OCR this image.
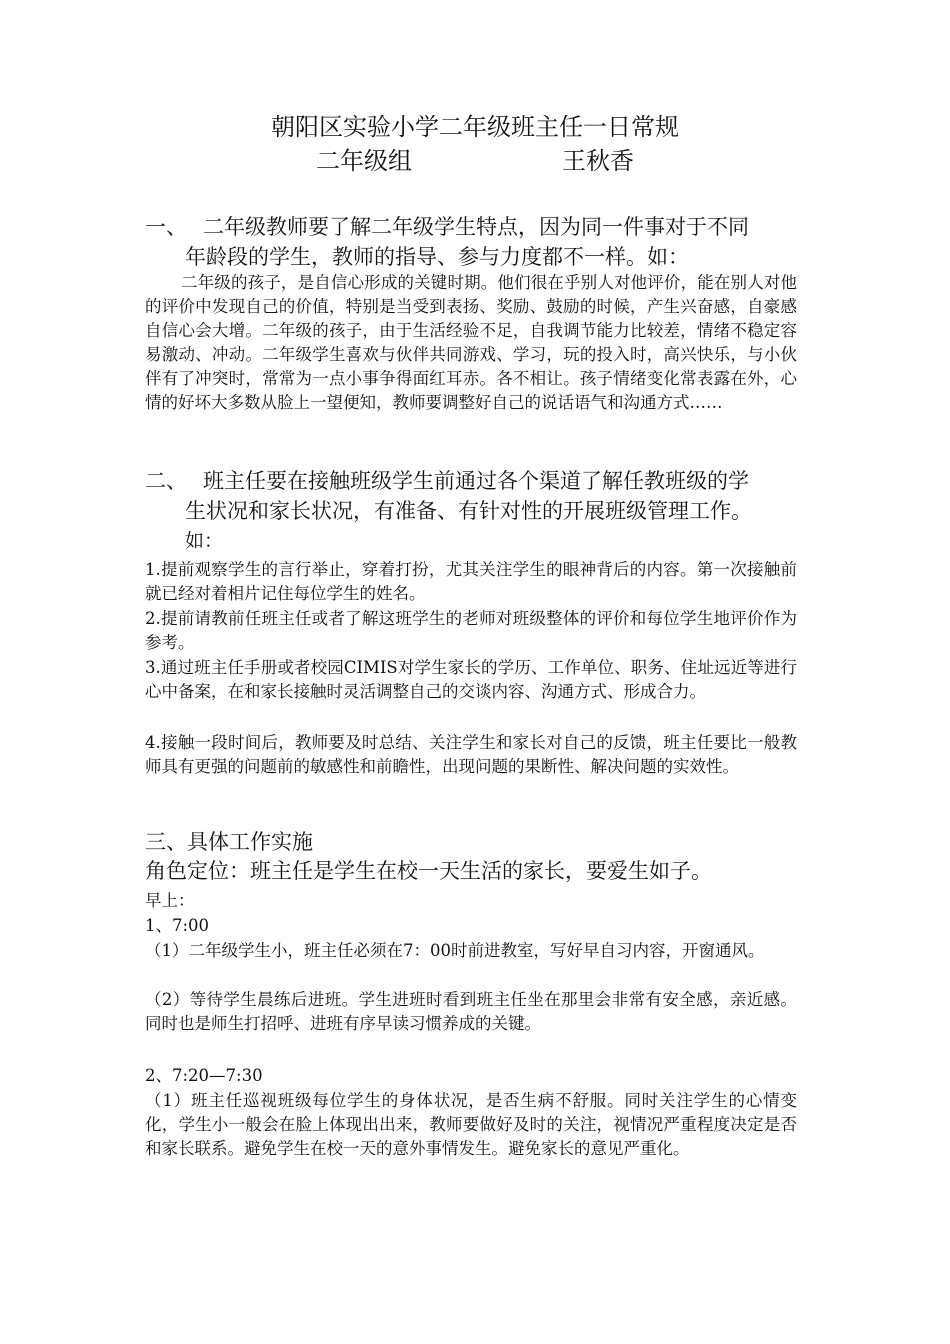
朝阳区实验小学二年级班主任一日常规
二年级组	王秋香
一、 二年级教师要了解二年级学生特点，因为同一件事对于不同
年龄段的学生，教师的指导、参与力度都不一样。如：
二年级的孩子，是自信心形成的关键时期。他们很在乎别人对他评价，能在别人对他的评价中发现自己的价值，特别是当受到表扬、奖励、鼓励的时候，产生兴奋感，自豪感自信心会大增。二年级的孩子，由于生活经验不足，自我调节能力比较差，情绪不稳定容易激动、冲动。二年级学生喜欢与伙伴共同游戏、学习，玩的投入时，高兴快乐，与小伙伴有了冲突时，常常为一点小事争得面红耳赤。各不相让。孩子情绪变化常表露在外，心情的好坏大多数从脸上一望便知，教师要调整好自己的说话语气和沟通方式……
二、 班主任要在接触班级学生前通过各个渠道了解任教班级的学
生状况和家长状况，有准备、有针对性的开展班级管理工作。
如：
1.提前观察学生的言行举止，穿着打扮，尤其关注学生的眼神背后的内容。第一次接触前就已经对着相片记住每位学生的姓名。
2.提前请教前任班主任或者了解这班学生的老师对班级整体的评价和每位学生地评价作为参考。
3.通过班主任手册或者校园CIMIS对学生家长的学历、工作单位、职务、住址远近等进行心中备案，在和家长接触时灵活调整自己的交谈内容、沟通方式、形成合力。
4.接触一段时间后，教师要及时总结、关注学生和家长对自己的反馈，班主任要比一般教师具有更强的问题前的敏感性和前瞻性，出现问题的果断性、解决问题的实效性。
三、具体工作实施
角色定位：班主任是学生在校一天生活的家长，要爱生如子。
早上：
1、7:00
（1）二年级学生小，班主任必须在7：00时前进教室，写好早自习内容，开窗通风。
（2）等待学生晨练后进班。学生进班时看到班主任坐在那里会非常有安全感，亲近感。同时也是师生打招呼、进班有序早读习惯养成的关键。
2、7:20—7:30
（1）班主任巡视班级每位学生的身体状况，是否生病不舒服。同时关注学生的心情变化，学生小一般会在脸上体现出出来，教师要做好及时的关注，视情况严重程度决定是否和家长联系。避免学生在校一天的意外事情发生。避免家长的意见严重化。
